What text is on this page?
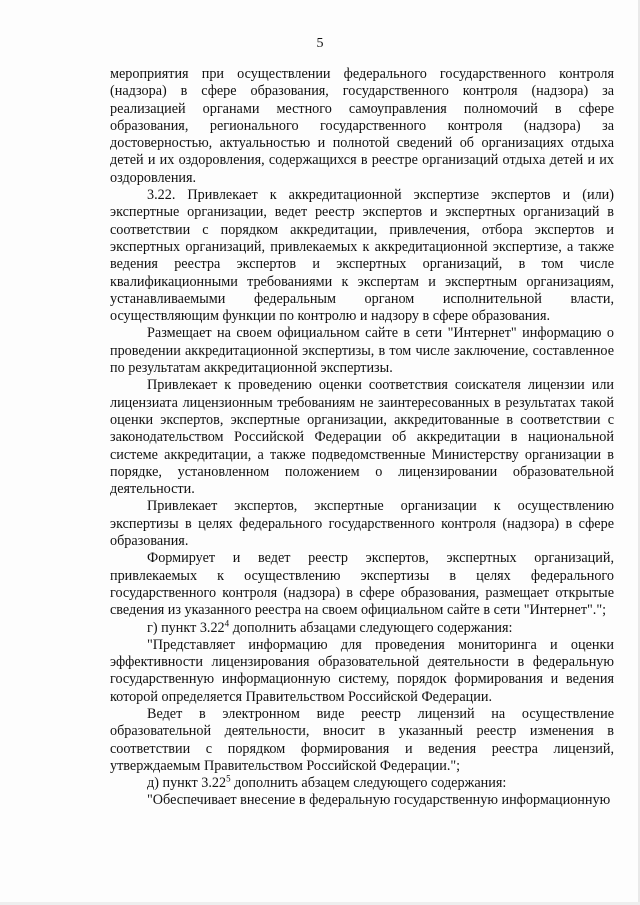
5

мероприятия при осуществлении федерального государственного контроля (надзора) в сфере образования, государственного контроля (надзора) за реализацией органами местного самоуправления полномочий в сфере образования, регионального государственного контроля (надзора) за достоверностью, актуальностью и полнотой сведений об организациях отдыха детей и их оздоровления, содержащихся в реестре организаций отдыха детей и их оздоровления.

3.22. Привлекает к аккредитационной экспертизе экспертов и (или) экспертные организации, ведет реестр экспертов и экспертных организаций в соответствии с порядком аккредитации, привлечения, отбора экспертов и экспертных организаций, привлекаемых к аккредитационной экспертизе, а также ведения реестра экспертов и экспертных организаций, в том числе квалификационными требованиями к экспертам и экспертным организациям, устанавливаемыми федеральным органом исполнительной власти, осуществляющим функции по контролю и надзору в сфере образования.

Размещает на своем официальном сайте в сети "Интернет" информацию о проведении аккредитационной экспертизы, в том числе заключение, составленное по результатам аккредитационной экспертизы.

Привлекает к проведению оценки соответствия соискателя лицензии или лицензиата лицензионным требованиям не заинтересованных в результатах такой оценки экспертов, экспертные организации, аккредитованные в соответствии с законодательством Российской Федерации об аккредитации в национальной системе аккредитации, а также подведомственные Министерству организации в порядке, установленном положением о лицензировании образовательной деятельности.

Привлекает экспертов, экспертные организации к осуществлению экспертизы в целях федерального государственного контроля (надзора) в сфере образования.

Формирует и ведет реестр экспертов, экспертных организаций, привлекаемых к осуществлению экспертизы в целях федерального государственного контроля (надзора) в сфере образования, размещает открытые сведения из указанного реестра на своем официальном сайте в сети "Интернет".";

г) пункт 3.22$^4$ дополнить абзацами следующего содержания:

"Представляет информацию для проведения мониторинга и оценки эффективности лицензирования образовательной деятельности в федеральную государственную информационную систему, порядок формирования и ведения которой определяется Правительством Российской Федерации.

Ведет в электронном виде реестр лицензий на осуществление образовательной деятельности, вносит в указанный реестр изменения в соответствии с порядком формирования и ведения реестра лицензий, утверждаемым Правительством Российской Федерации.";

д) пункт 3.22$^5$ дополнить абзацем следующего содержания:

"Обеспечивает внесение в федеральную государственную информационную
